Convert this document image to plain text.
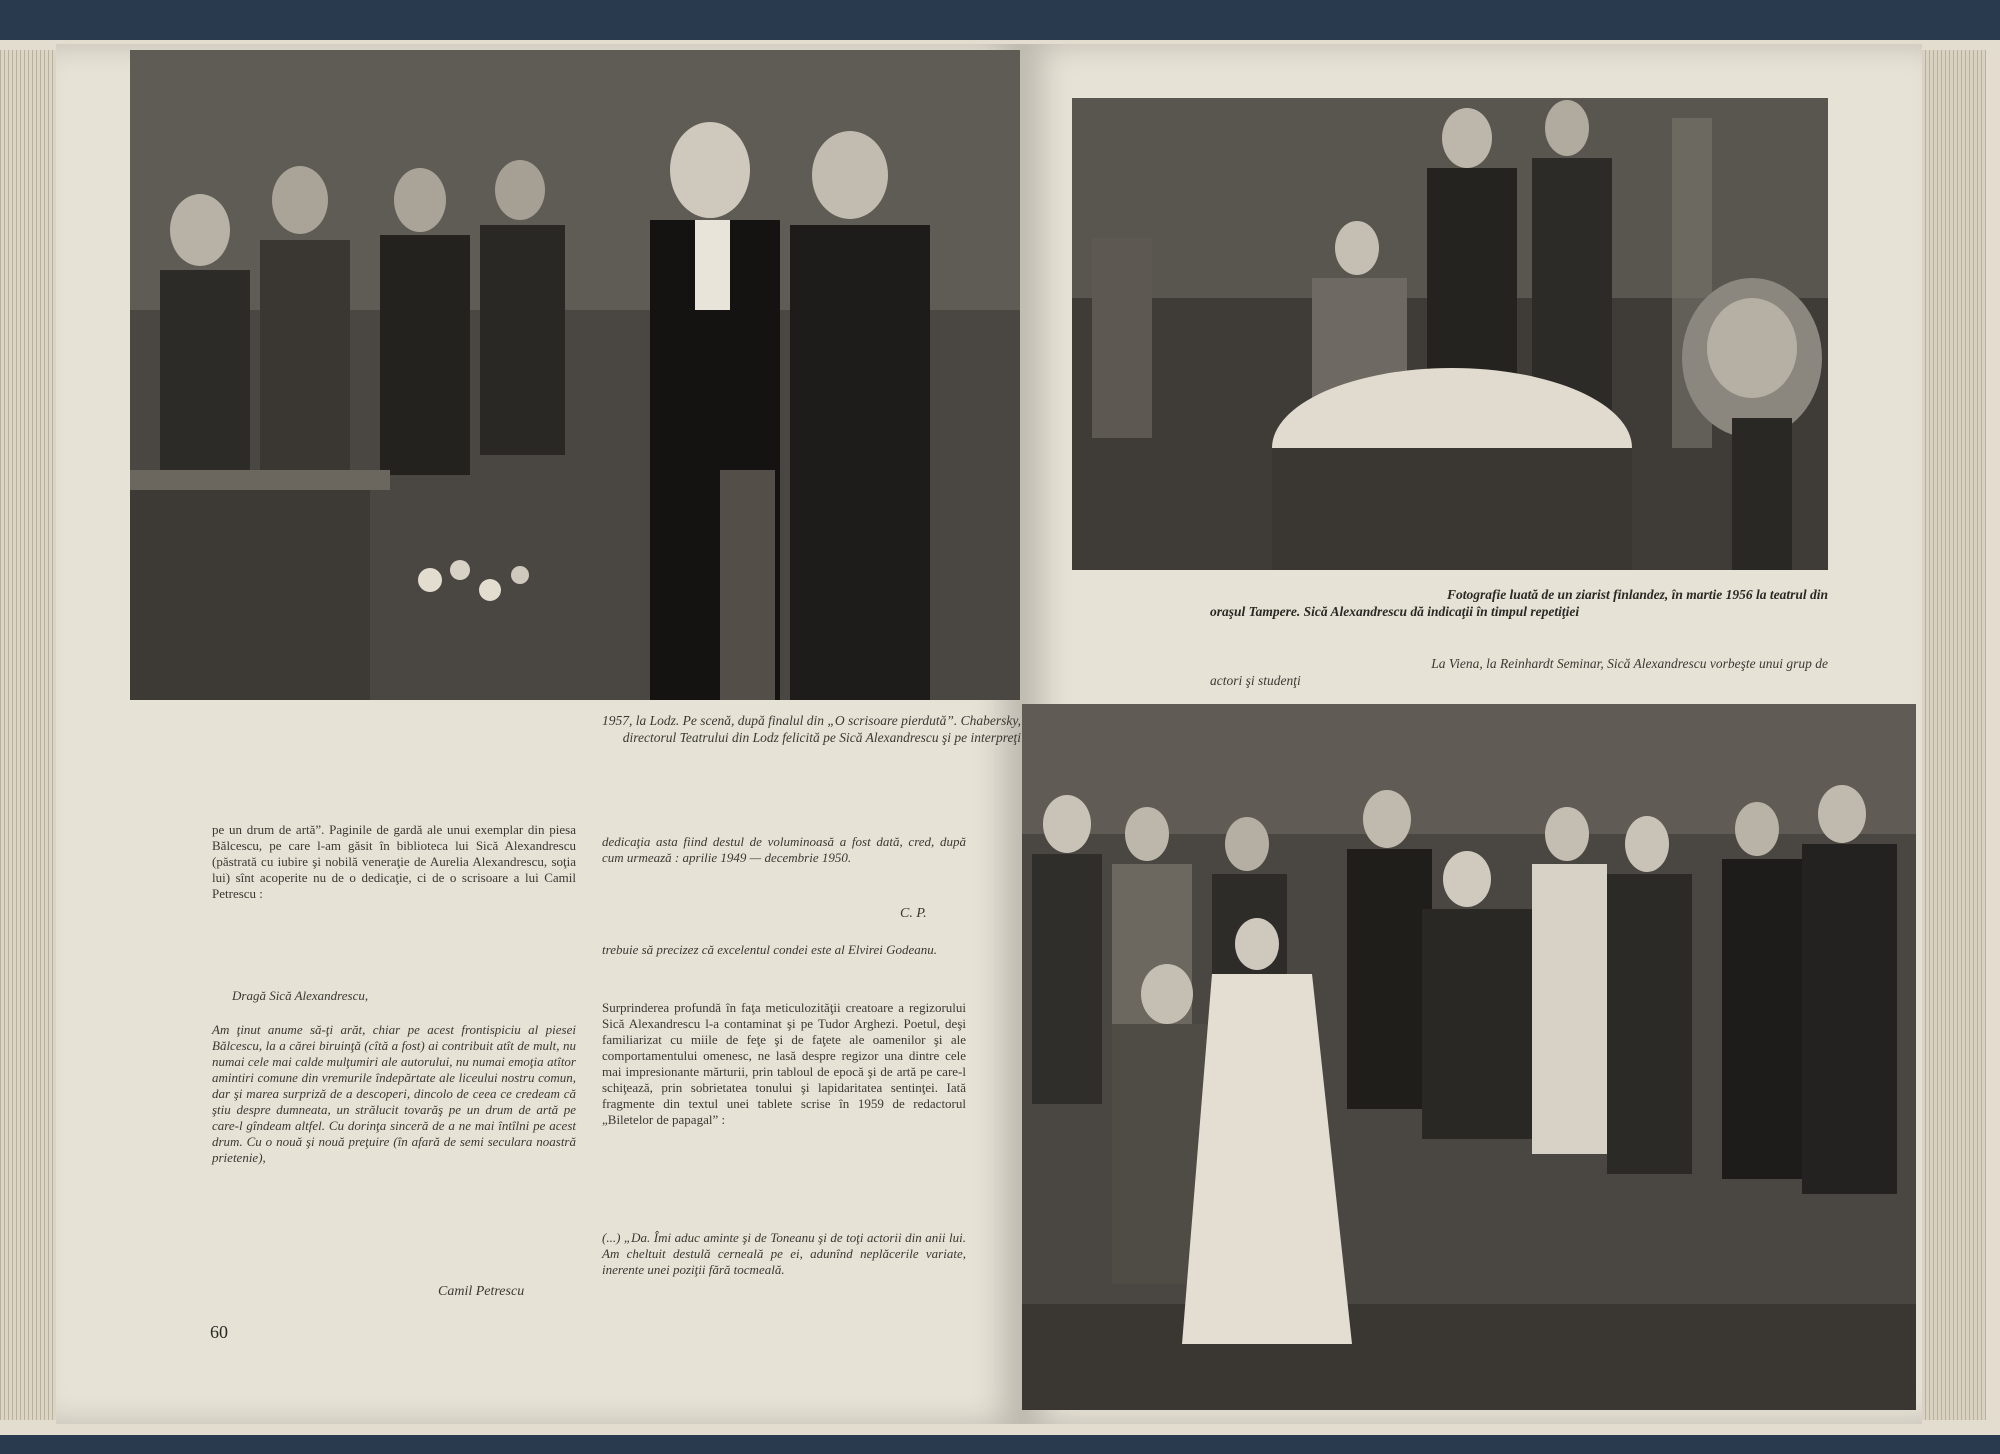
1957, la Lodz. Pe scenă, după finalul din „O scrisoare pierdută”. Chabersky,

directorul Teatrului din Lodz felicită pe Sică Alexandrescu şi pe interpreţi

pe un drum de artă”. Paginile de gardă ale unui exemplar din piesa Bălcescu, pe care l-am găsit în biblioteca lui Sică Alexandrescu (păstrată cu iubire şi nobilă veneraţie de Aurelia Alexandrescu, soţia lui) sînt acoperite nu de o dedicaţie, ci de o scrisoare a lui Camil Petrescu :

Dragă Sică Alexandrescu,

Am ţinut anume să-ţi arăt, chiar pe acest frontispiciu al piesei Bălcescu, la a cărei biruinţă (cîtă a fost) ai contribuit atît de mult, nu numai cele mai calde mulţumiri ale autorului, nu numai emoţia atîtor amintiri comune din vremurile îndepărtate ale liceului nostru comun, dar şi marea surpriză de a descoperi, dincolo de ceea ce credeam că ştiu despre dumneata, un strălucit tovarăş pe un drum de artă pe care-l gîndeam altfel. Cu dorinţa sinceră de a ne mai întîlni pe acest drum. Cu o nouă şi nouă preţuire (în afară de semi seculara noastră prietenie),

Camil Petrescu

60

dedicaţia asta fiind destul de voluminoasă a fost dată, cred, după cum urmează : aprilie 1949 — decembrie 1950.

C. P.

trebuie să precizez că excelentul condei este al Elvirei Godeanu.

Surprinderea profundă în faţa meticulozităţii creatoare a regizorului Sică Alexandrescu l-a contaminat şi pe Tudor Arghezi. Poetul, deşi familiarizat cu miile de feţe şi de faţete ale oamenilor şi ale comportamentului omenesc, ne lasă despre regizor una dintre cele mai impresionante mărturii, prin tabloul de epocă şi de artă pe care-l schiţează, prin sobrietatea tonului şi lapidaritatea sentinţei. Iată fragmente din textul unei tablete scrise în 1959 de redactorul „Biletelor de papagal” :

(...) „Da. Îmi aduc aminte şi de Toneanu şi de toţi actorii din anii lui. Am cheltuit destulă cerneală pe ei, adunînd neplăcerile variate, inerente unei poziţii fără tocmeală.

Fotografie luată de un ziarist finlandez, în martie 1956 la teatrul din

oraşul Tampere. Sică Alexandrescu dă indicaţii în timpul repetiţiei

La Viena, la Reinhardt Seminar, Sică Alexandrescu vorbeşte unui grup de

actori şi studenţi
